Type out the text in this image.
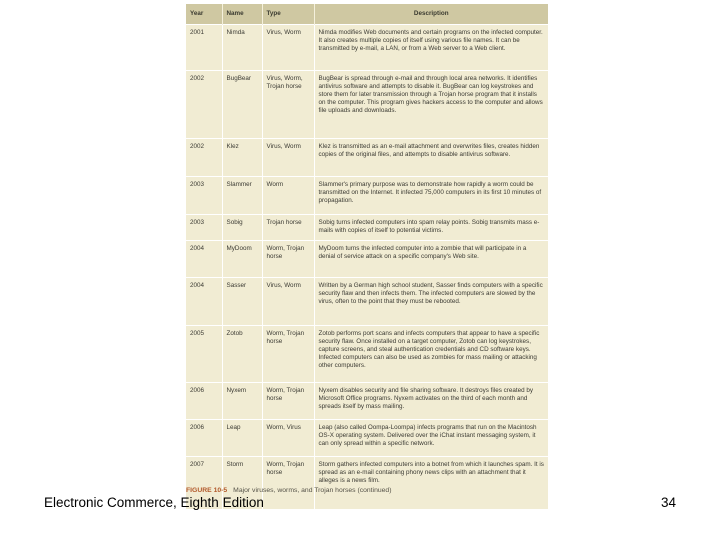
Year	Name	Type	Description
2001	Nimda	Virus, Worm	Nimda modifies Web documents and certain programs on the infected computer. It also creates multiple copies of itself using various file names. It can be transmitted by e-mail, a LAN, or from a Web server to a Web client.
2002	BugBear	Virus, Worm, Trojan horse	BugBear is spread through e-mail and through local area networks. It identifies antivirus software and attempts to disable it. BugBear can log keystrokes and store them for later transmission through a Trojan horse program that it installs on the computer. This program gives hackers access to the computer and allows file uploads and downloads.
2002	Klez	Virus, Worm	Klez is transmitted as an e-mail attachment and overwrites files, creates hidden copies of the original files, and attempts to disable antivirus software.
2003	Slammer	Worm	Slammer's primary purpose was to demonstrate how rapidly a worm could be transmitted on the Internet. It infected 75,000 computers in its first 10 minutes of propagation.
2003	Sobig	Trojan horse	Sobig turns infected computers into spam relay points. Sobig transmits mass e-mails with copies of itself to potential victims.
2004	MyDoom	Worm, Trojan horse	MyDoom turns the infected computer into a zombie that will participate in a denial of service attack on a specific company's Web site.
2004	Sasser	Virus, Worm	Written by a German high school student, Sasser finds computers with a specific security flaw and then infects them. The infected computers are slowed by the virus, often to the point that they must be rebooted.
2005	Zotob	Worm, Trojan horse	Zotob performs port scans and infects computers that appear to have a specific security flaw. Once installed on a target computer, Zotob can log keystrokes, capture screens, and steal authentication credentials and CD software keys. Infected computers can also be used as zombies for mass mailing or attacking other computers.
2006	Nyxem	Worm, Trojan horse	Nyxem disables security and file sharing software. It destroys files created by Microsoft Office programs. Nyxem activates on the third of each month and spreads itself by mass mailing.
2006	Leap	Worm, Virus	Leap (also called Oompa-Loompa) infects programs that run on the Macintosh OS-X operating system. Delivered over the iChat instant messaging system, it can only spread within a specific network.
2007	Storm	Worm, Trojan horse	Storm gathers infected computers into a botnet from which it launches spam. It is spread as an e-mail containing phony news clips with an attachment that it alleges is a news film.
FIGURE 10-5 Major viruses, worms, and Trojan horses (continued)
Electronic Commerce, Eighth Edition	34
